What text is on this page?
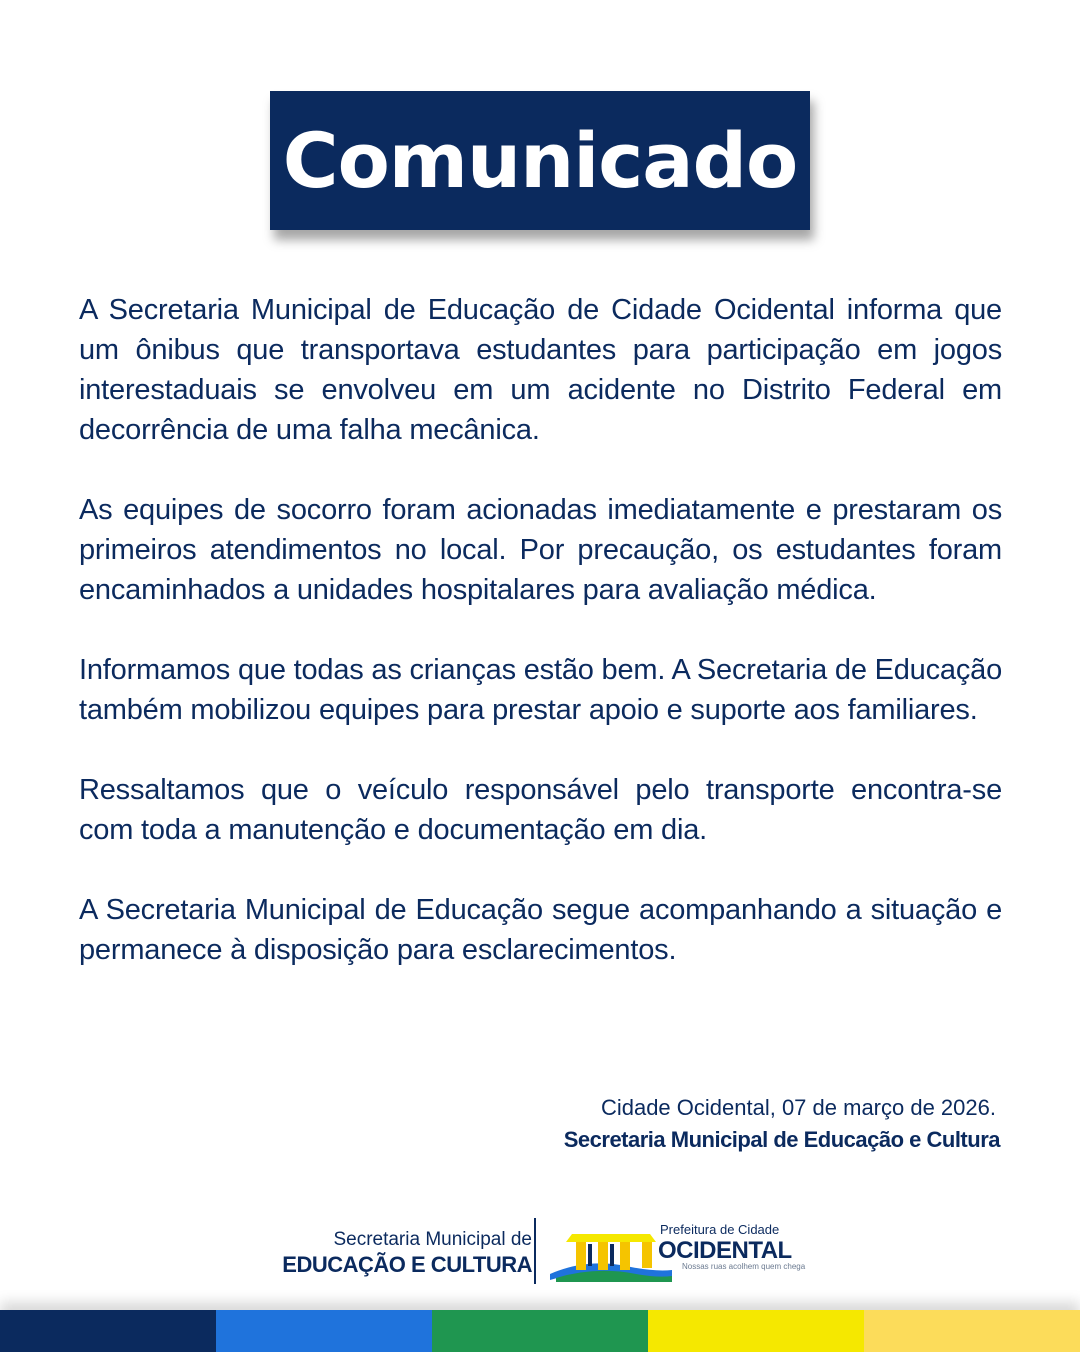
Comunicado

A Secretaria Municipal de Educação de Cidade Ocidental informa que um ônibus que transportava estudantes para participação em jogos interestaduais se envolveu em um acidente no Distrito Federal em decorrência de uma falha mecânica.

As equipes de socorro foram acionadas imediatamente e prestaram os primeiros atendimentos no local. Por precaução, os estudantes foram encaminhados a unidades hospitalares para avaliação médica.

Informamos que todas as crianças estão bem. A Secretaria de Educação também mobilizou equipes para prestar apoio e suporte aos familiares.

Ressaltamos que o veículo responsável pelo transporte encontra-se com toda a manutenção e documentação em dia.

A Secretaria Municipal de Educação segue acompanhando a situação e permanece à disposição para esclarecimentos.

Cidade Ocidental, 07 de março de 2026.
Secretaria Municipal de Educação e Cultura
Secretaria Municipal de
EDUCAÇÃO E CULTURA
Prefeitura de Cidade
OCIDENTAL
Nossas ruas acolhem quem chega
